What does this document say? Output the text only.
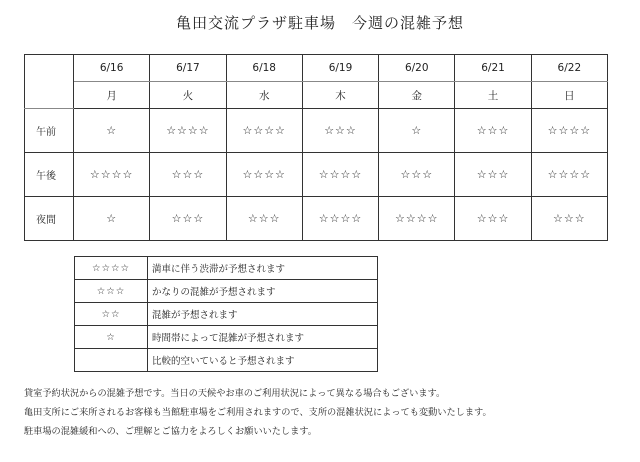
亀田交流プラザ駐車場　今週の混雑予想
	6/16	6/17	6/18	6/19	6/20	6/21	6/22
	月	火	水	木	金	土	日
午前	☆	☆☆☆☆	☆☆☆☆	☆☆☆	☆	☆☆☆	☆☆☆☆
午後	☆☆☆☆	☆☆☆	☆☆☆☆	☆☆☆☆	☆☆☆	☆☆☆	☆☆☆☆
夜間	☆	☆☆☆	☆☆☆	☆☆☆☆	☆☆☆☆	☆☆☆	☆☆☆
☆☆☆☆	満車に伴う渋滞が予想されます
☆☆☆	かなりの混雑が予想されます
☆☆	混雑が予想されます
☆	時間帯によって混雑が予想されます
	比較的空いていると予想されます
貸室予約状況からの混雑予想です。当日の天候やお車のご利用状況によって異なる場合もございます。
亀田支所にご来所されるお客様も当館駐車場をご利用されますので、支所の混雑状況によっても変動いたします。
駐車場の混雑緩和への、ご理解とご協力をよろしくお願いいたします。
